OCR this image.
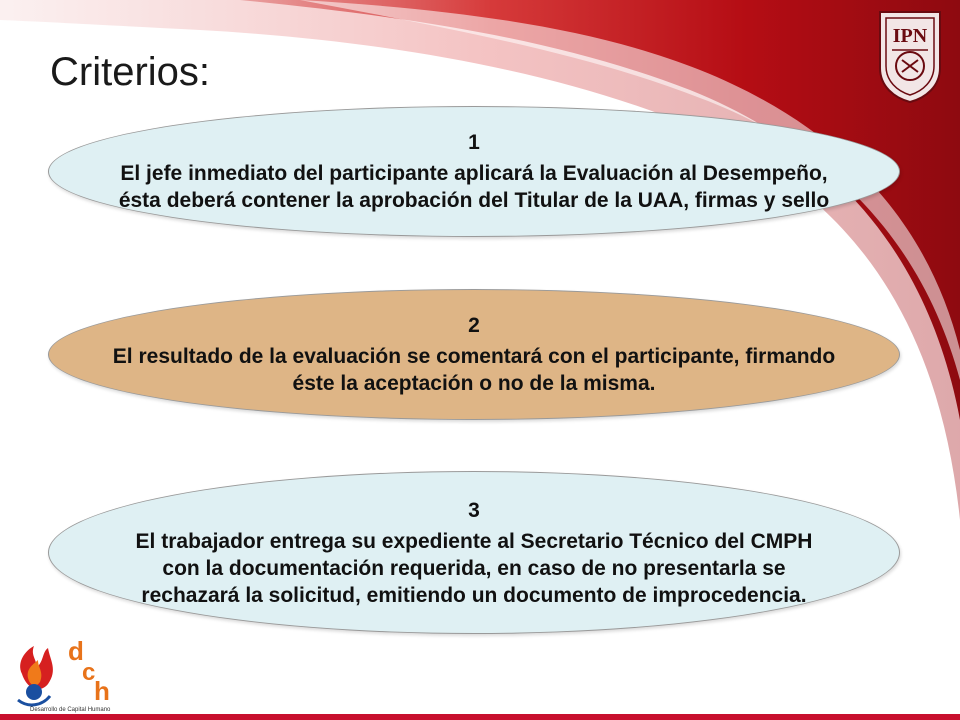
Criterios:
IPN
1
El jefe inmediato del participante aplicará la Evaluación al Desempeño, ésta deberá contener la aprobación del Titular de la UAA, firmas y sello
2
El resultado de la evaluación se comentará con el participante, firmando éste la aceptación o no de la misma.
3
El trabajador entrega su expediente al Secretario Técnico del CMPH con la documentación requerida, en caso de no presentarla se rechazará la solicitud, emitiendo un documento de improcedencia.
d
c
h
Desarrollo de Capital Humano
